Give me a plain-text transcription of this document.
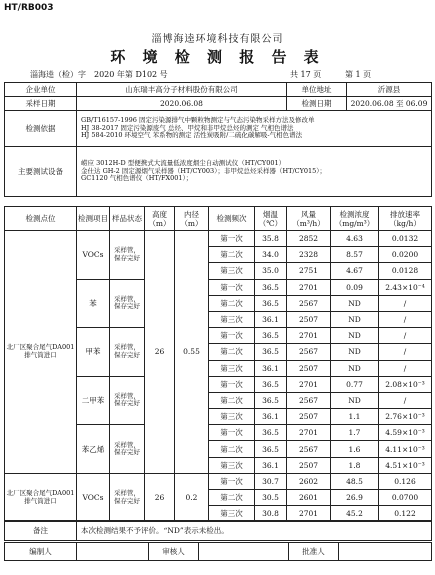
HT/RB003
淄博海逵环境科技有限公司
环 境 检 测 报 告 表
淄海逵（检）字　2020 年第 D102 号	共 17 页	第 1 页
企业单位	山东瑞丰高分子材料股份有限公司	单位地址	沂源县
采样日期	2020.06.08	检测日期	2020.06.08 至 06.09
检测依据	GB/T16157-1996 固定污染源排气中颗粒物测定与气态污染物采样方法及修改单
HJ 38-2017 固定污染源废气 总烃、甲烷和非甲烷总烃的测定 气相色谱法
HJ 584-2010 环境空气 苯系物的测定 活性炭吸附/二硫化碳解吸-气相色谱法		

主要测试设备	崂应 3012H-D 型便携式大流量低浓度烟尘自动测试仪（HT/CY001）
金仕达 GH-2 固定源烟气采样器（HT/CY003）；非甲烷总烃采样器（HT/CY015）；
GC1120 气相色谱仪（HT/FX001）；		
检测点位	检测项目	样品状态	高度（m）	内径（m）	检测频次	烟温（℃）	风量（m³/h）	检测浓度（mg/m³）	排放速率（kg/h）
北厂区聚合尾气DA001 排气筒进口	VOCs	采样管，保存完好	26	0.55	第一次	35.8	2852	4.63	0.0132
					第二次	34.0	2328	8.57	0.0200
					第三次	35.0	2751	4.67	0.0128
	苯	采样管，保存完好			第一次	36.5	2701	0.09	2.43×10⁻⁴
					第二次	36.5	2567	ND	/
					第三次	36.1	2507	ND	/
	甲苯	采样管，保存完好			第一次	36.5	2701	ND	/
					第二次	36.5	2567	ND	/
					第三次	36.1	2507	ND	/
	二甲苯	采样管，保存完好			第一次	36.5	2701	0.77	2.08×10⁻³
					第二次	36.5	2567	ND	/
					第三次	36.1	2507	1.1	2.76×10⁻³
	苯乙烯	采样管，保存完好			第一次	36.5	2701	1.7	4.59×10⁻³
					第二次	36.5	2567	1.6	4.11×10⁻³
					第三次	36.1	2507	1.8	4.51×10⁻³
北厂区聚合尾气DA001 排气筒进口	VOCs	采样管，保存完好	26	0.2	第一次	30.7	2602	48.5	0.126
					第二次	30.5	2601	26.9	0.0700
					第三次	30.8	2701	45.2	0.122
备注	本次检测结果不予评价。“ND”表示未检出。
编制人		审核人		批准人	
